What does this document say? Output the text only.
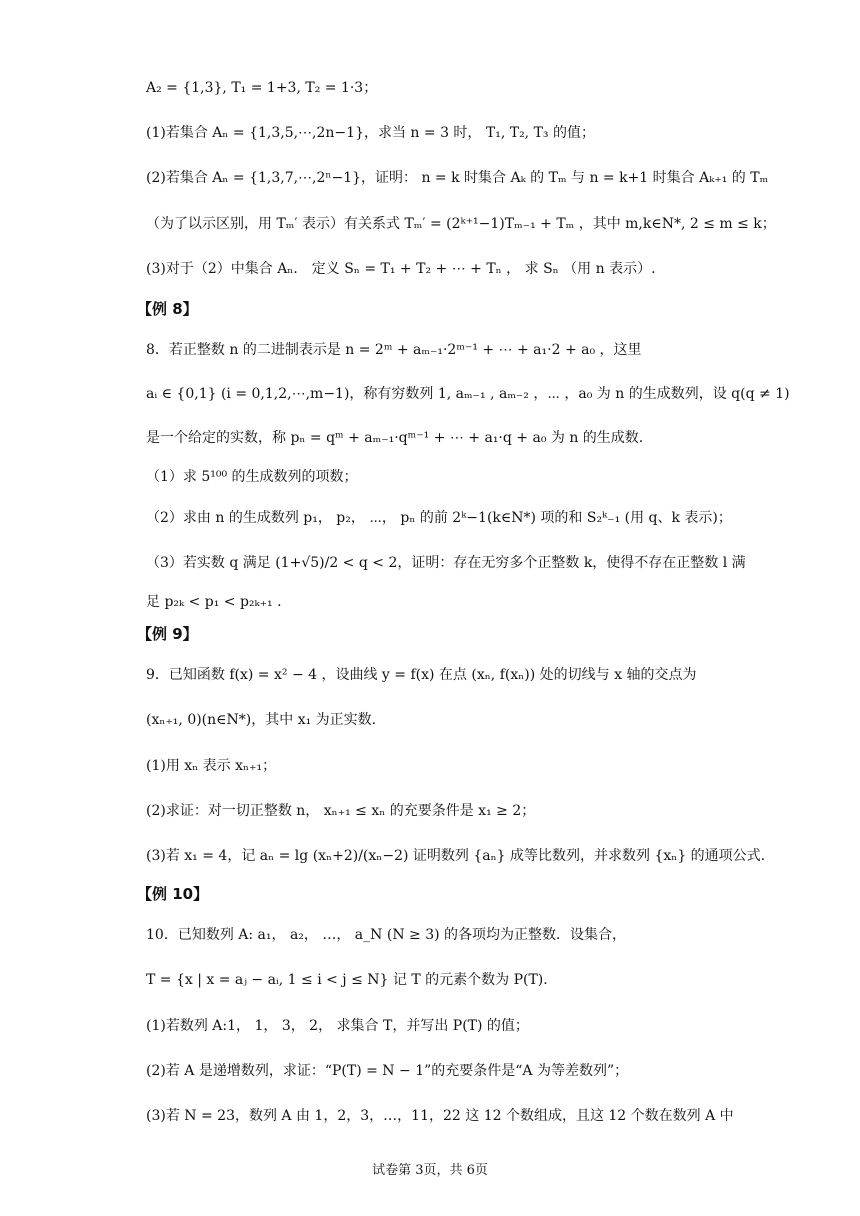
A₂ = {1,3}, T₁ = 1+3, T₂ = 1·3；
(1)若集合 Aₙ = {1,3,5,⋯,2n−1}，求当 n = 3 时， T₁, T₂, T₃ 的值；
(2)若集合 Aₙ = {1,3,7,⋯,2ⁿ−1}，证明： n = k 时集合 Aₖ 的 Tₘ 与 n = k+1 时集合 Aₖ₊₁ 的 Tₘ
（为了以示区别，用 Tₘ′ 表示）有关系式 Tₘ′ = (2ᵏ⁺¹−1)Tₘ₋₁ + Tₘ ，其中 m,k∈N*, 2 ≤ m ≤ k；
(3)对于（2）中集合 Aₙ． 定义 Sₙ = T₁ + T₂ + ⋯ + Tₙ ， 求 Sₙ （用 n 表示）.
【例 8】
8．若正整数 n 的二进制表示是 n = 2ᵐ + aₘ₋₁·2ᵐ⁻¹ + ⋯ + a₁·2 + a₀ ，这里
aᵢ ∈ {0,1} (i = 0,1,2,⋯,m−1)，称有穷数列 1, aₘ₋₁ , aₘ₋₂ ，⋯ ，a₀ 为 n 的生成数列，设 q(q ≠ 1)
是一个给定的实数，称 pₙ = qᵐ + aₘ₋₁·qᵐ⁻¹ + ⋯ + a₁·q + a₀ 为 n 的生成数.
（1）求 5¹⁰⁰ 的生成数列的项数；
（2）求由 n 的生成数列 p₁， p₂， ⋯， pₙ 的前 2ᵏ−1(k∈N*) 项的和 S₂ᵏ₋₁ (用 q、k 表示)；
（3）若实数 q 满足 (1+√5)/2 < q < 2，证明：存在无穷多个正整数 k，使得不存在正整数 l 满
足 p₂ₖ < p₁ < p₂ₖ₊₁ .
【例 9】
9．已知函数 f(x) = x² − 4 ，设曲线 y = f(x) 在点 (xₙ, f(xₙ)) 处的切线与 x 轴的交点为
(xₙ₊₁, 0)(n∈N*)，其中 x₁ 为正实数.
(1)用 xₙ 表示 xₙ₊₁；
(2)求证：对一切正整数 n， xₙ₊₁ ≤ xₙ 的充要条件是 x₁ ≥ 2；
(3)若 x₁ = 4，记 aₙ = lg (xₙ+2)/(xₙ−2) 证明数列 {aₙ} 成等比数列，并求数列 {xₙ} 的通项公式.
【例 10】
10．已知数列 A: a₁， a₂， …， a_N (N ≥ 3) 的各项均为正整数．设集合，
T = {x | x = aⱼ − aᵢ, 1 ≤ i < j ≤ N} 记 T 的元素个数为 P(T).
(1)若数列 A:1， 1， 3， 2， 求集合 T，并写出 P(T) 的值；
(2)若 A 是递增数列，求证：“P(T) = N − 1”的充要条件是“A 为等差数列”；
(3)若 N = 23，数列 A 由 1，2，3，…，11，22 这 12 个数组成，且这 12 个数在数列 A 中
试卷第 3页，共 6页
